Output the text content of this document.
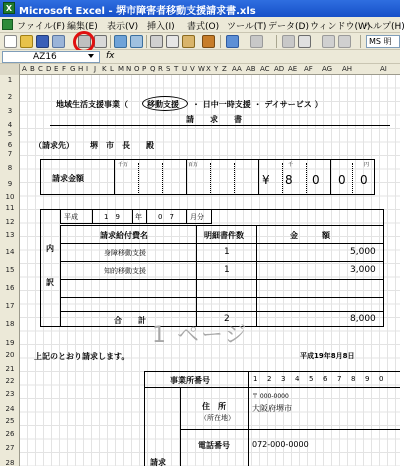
X Microsoft Excel - 堺市障害者移動支援請求書.xls
ファイル(F) 編集(E) 表示(V) 挿入(I) 書式(O) ツール(T) データ(D) ウィンドウ(W)
ヘルプ(H)
MS 明
AZ16	fx
A B C D E F G H I J K L M N O P Q R S T U V W X Y Z AA AB AC AD AE AF AG AH	AI
1
2
3
4
5
6
7
8
9
10
11
12
13
14
15
16
17
18
19
20
21
22
23
24
25
26
27
28
地域生活支援事業（ 移動支援 ・ 日中一時支援 ・ デイサービス ）
請　　求　　書
（請求先） 堺　市　長　　殿
請求金額
千万	百万	千	円
¥ 8 0 0 0
平成	1　9 年 0　7 月分
内
訳
請求給付費名	明細書件数	金　　　額
身障移動支援	1	5,000
知的移動支援	1	3,000
合　　計	2	8,000
1 ページ
上記のとおり請求します。	平成19年8月8日
事業所番号	1 2 3 4 5 6 7 8 9 0
〒 000-0000
住　所
（所在地）
大阪府堺市
電話番号	072-000-0000
請求
